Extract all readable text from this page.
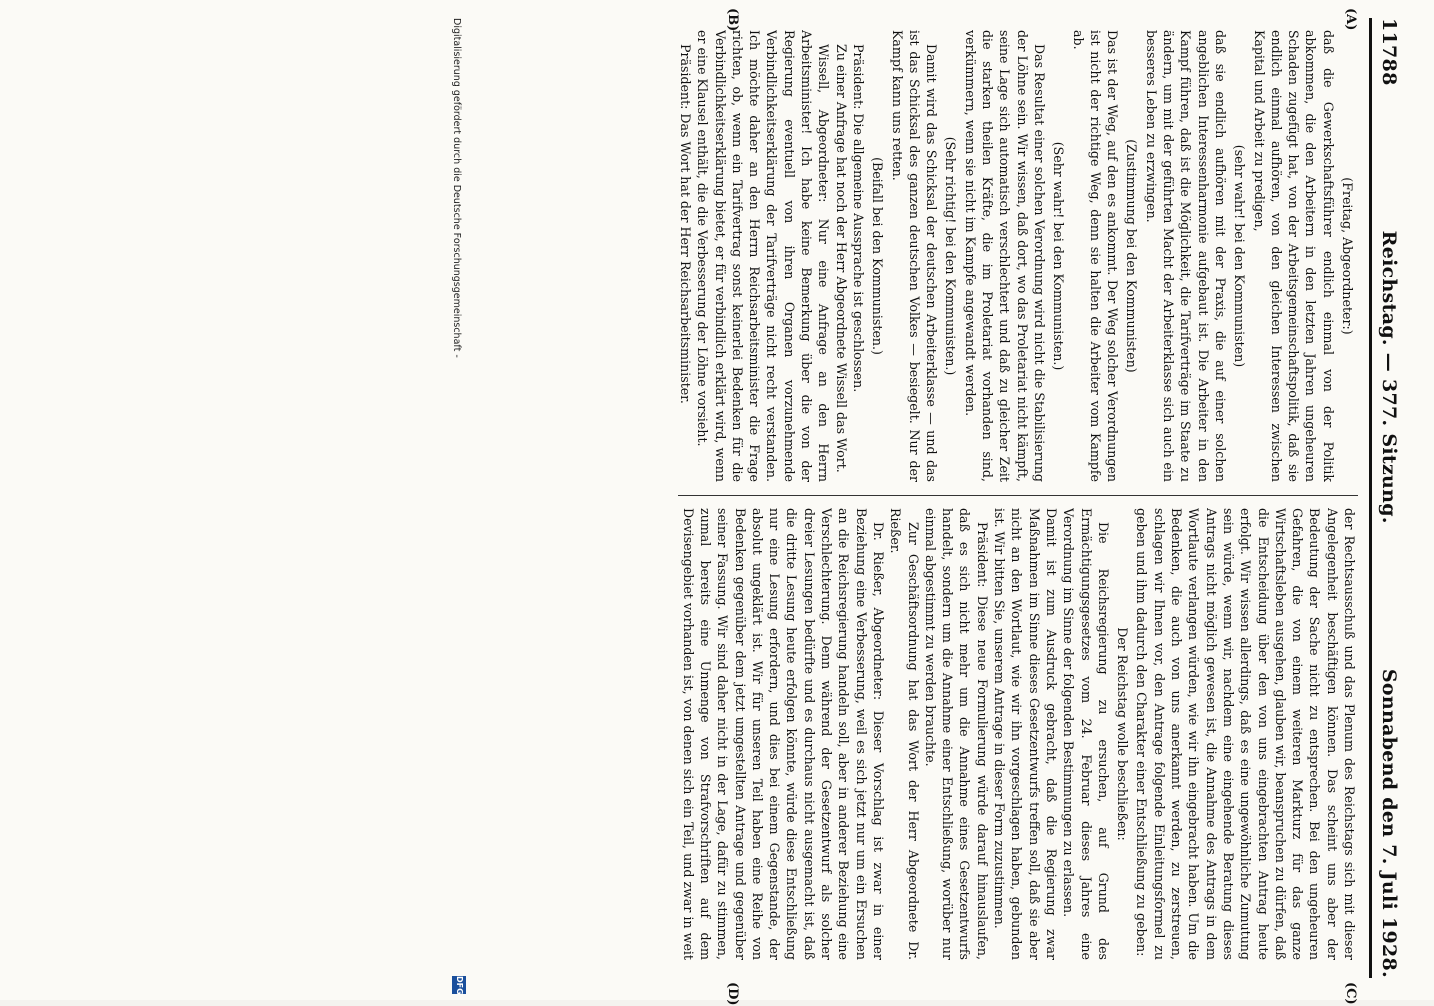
11788
Reichstag. — 377. Sitzung.
Sonnabend den 7. Juli 1928.
(A)
(B)
(C)
(D)

(Freitag, Abgeordneter:)

daß die Gewerkschaftsführer endlich einmal von der Politik abkommen, die den Arbeitern in den letzten Jahren ungeheuren Schaden zugefügt hat, von der Arbeitsgemeinschaftspolitik, daß sie endlich einmal aufhören, von den gleichen Interessen zwischen Kapital und Arbeit zu predigen,

(sehr wahr! bei den Kommunisten)

daß sie endlich aufhören mit der Praxis, die auf einer solchen angeblichen Interessenharmonie aufgebaut ist. Die Arbeiter in den Kampf führen, daß ist die Möglichkeit, die Tarifverträge im Staate zu ändern, um mit der geführten Macht der Arbeiterklasse sich auch ein besseres Leben zu erzwingen.

(Zustimmung bei den Kommunisten)

Das ist der Weg, auf den es ankommt. Der Weg solcher Verordnungen ist nicht der richtige Weg, denn sie halten die Arbeiter vom Kampfe ab.

(Sehr wahr! bei den Kommunisten.)

Das Resultat einer solchen Verordnung wird nicht die Stabilisierung der Löhne sein. Wir wissen, daß dort, wo das Proletariat nicht kämpft, seine Lage sich automatisch verschlechtert und daß zu gleicher Zeit die starken theilen Kräfte, die im Proletariat vorhanden sind, verkümmern, wenn sie nicht im Kampfe angewandt werden.

(Sehr richtig! bei den Kommunisten.)

Damit wird das Schicksal der deutschen Arbeiterklasse — und das ist das Schicksal des ganzen deutschen Volkes — besiegelt. Nur der Kampf kann uns retten.

(Beifall bei den Kommunisten.)

Präsident: Die allgemeine Aussprache ist geschlossen.

Zu einer Anfrage hat noch der Herr Abgeordnete Wissell das Wort.

Wissell, Abgeordneter: Nur eine Anfrage an den Herrn Arbeitsminister! Ich habe keine Bemerkung über die von der Regierung eventuell von ihren Organen vorzunehmende Verbindlichkeitserklärung der Tarifverträge nicht recht verstanden. Ich möchte daher an den Herrn Reichsarbeitsminister die Frage richten, ob, wenn ein Tarifvertrag sonst keinerlei Bedenken für die Verbindlichkeitserklärung bietet, er für verbindlich erklärt wird, wenn er eine Klausel enthält, die die Verbesserung der Löhne vorsieht.

Präsident: Das Wort hat der Herr Reichsarbeitsminister.

der Rechtsausschuß und das Plenum des Reichstags sich mit dieser Angelegenheit beschäftigen können. Das scheint uns aber der Bedeutung der Sache nicht zu entsprechen. Bei den ungeheuren Gefahren, die von einem weiteren Markturz für das ganze Wirtschaftsleben ausgehen, glauben wir, beanspruchen zu dürfen, daß die Entscheidung über den von uns eingebrachten Antrag heute erfolgt. Wir wissen allerdings, daß es eine ungewöhnliche Zumutung sein würde, wenn wir, nachdem eine eingehende Beratung dieses Antrags nicht möglich gewesen ist, die Annahme des Antrags in dem Wortlaute verlangen würden, wie wir ihn eingebracht haben. Um die Bedenken, die auch von uns anerkannt werden, zu zerstreuen, schlagen wir Ihnen vor, den Antrage folgende Einleitungsformel zu geben und ihm dadurch den Charakter einer Entschließung zu geben:

Der Reichstag wolle beschließen:

Die Reichsregierung zu ersuchen, auf Grund des Ermächtigungsgesetzes vom 24. Februar dieses Jahres eine Verordnung im Sinne der folgenden Bestimmungen zu erlassen.

Damit ist zum Ausdruck gebracht, daß die Regierung zwar Maßnahmen im Sinne dieses Gesetzentwurfs treffen soll, daß sie aber nicht an den Wortlaut, wie wir ihn vorgeschlagen haben, gebunden ist. Wir bitten Sie, unserem Antrage in dieser Form zuzustimmen.

Präsident: Diese neue Formulierung würde darauf hinauslaufen, daß es sich nicht mehr um die Annahme eines Gesetzentwurfs handelt, sondern um die Annahme einer Entschließung, worüber nur einmal abgestimmt zu werden brauchte.

Zur Geschäftsordnung hat das Wort der Herr Abgeordnete Dr. Rießer.

Dr. Rießer, Abgeordneter: Dieser Vorschlag ist zwar in einer Beziehung eine Verbesserung, weil es sich jetzt nur um ein Ersuchen an die Reichsregierung handeln soll, aber in anderer Beziehung eine Verschlechterung. Denn während der Gesetzentwurf als solcher dreier Lesungen bedürfte und es durchaus nicht ausgemacht ist, daß die dritte Lesung heute erfolgen könnte, würde diese Entschließung nur eine Lesung erfordern, und dies bei einem Gegenstande, der absolut ungeklärt ist. Wir für unseren Teil haben eine Reihe von Bedenken gegenüber dem jetzt umgestellten Antrage und gegenüber seiner Fassung. Wir sind daher nicht in der Lage, dafür zu stimmen, zumal bereits eine Unmenge von Strafvorschriften auf dem Devisengebiet vorhanden ist, von denen sich ein Teil, und zwar in weit

Digitalisierung gefördert durch die Deutsche Forschungsgemeinschaft -
DFG
